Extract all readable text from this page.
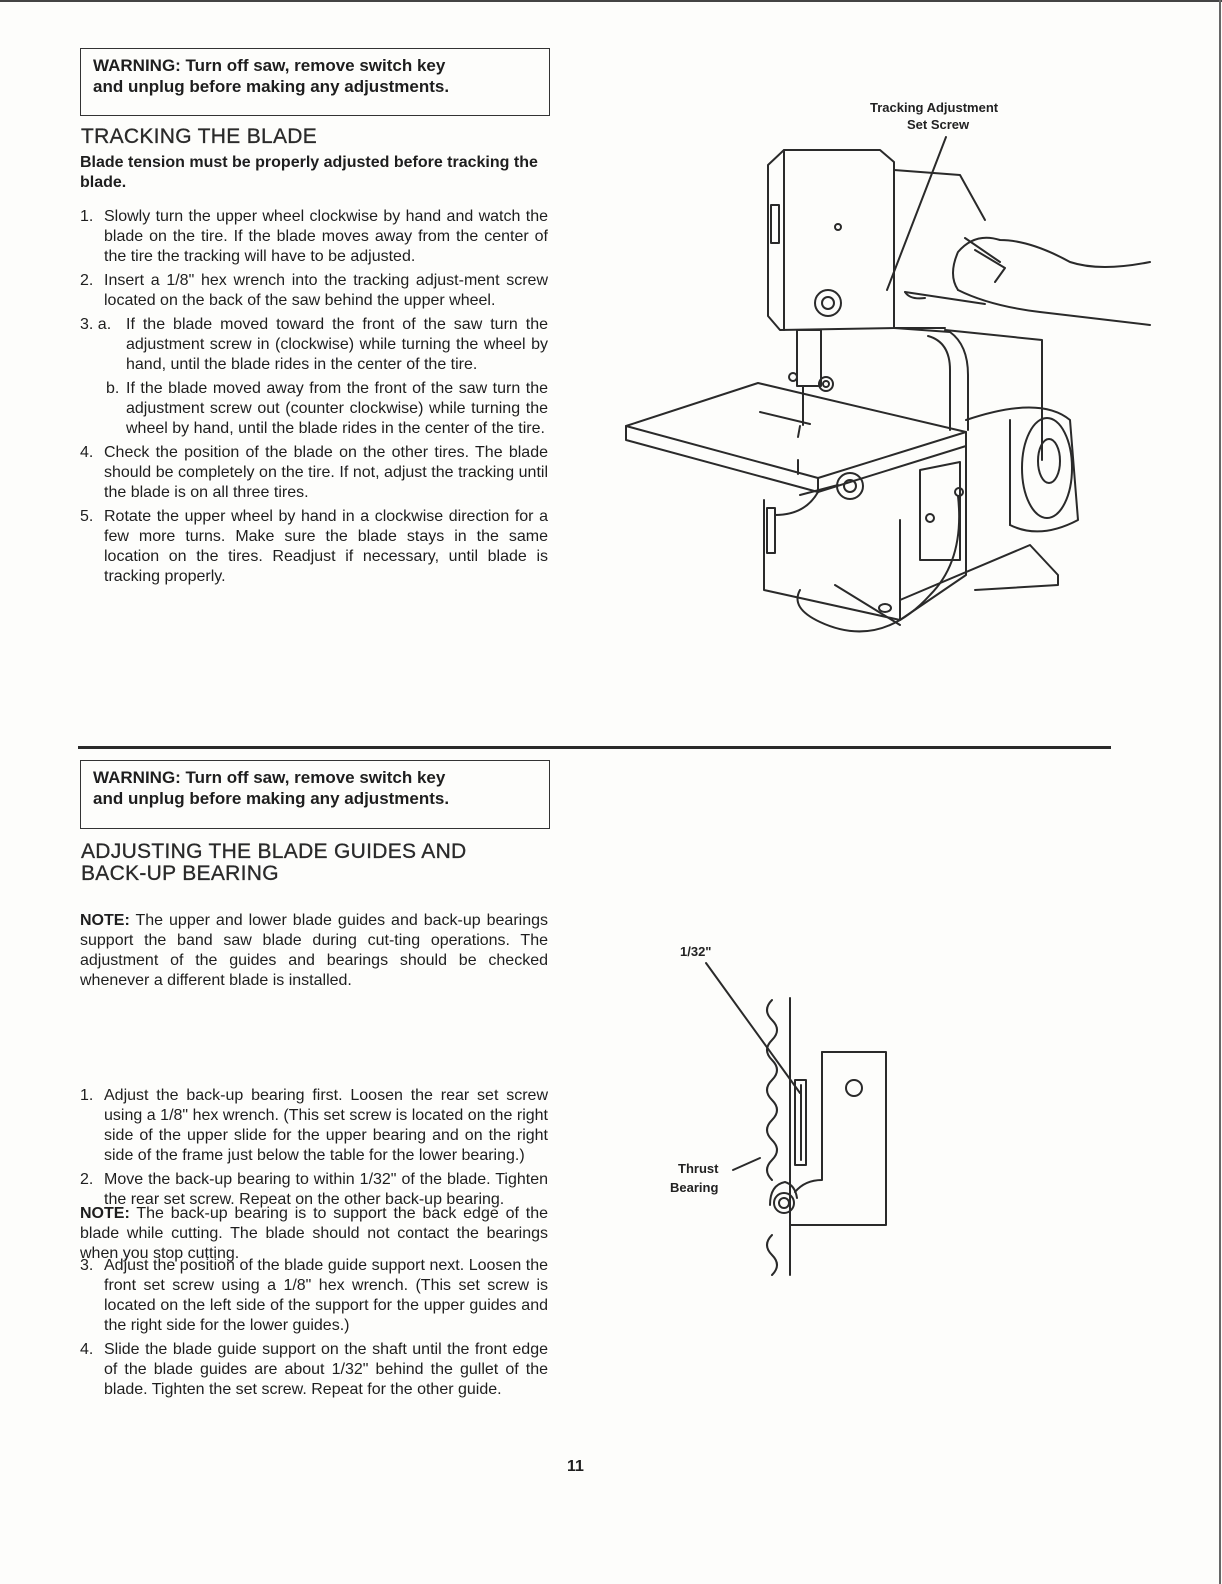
WARNING: Turn off saw, remove switch key
and unplug before making any adjustments.
TRACKING THE BLADE
Blade tension must be properly adjusted before tracking the blade.
1. Slowly turn the upper wheel clockwise by hand and watch the blade on the tire. If the blade moves away from the center of the tire the tracking will have to be adjusted.

2. Insert a 1/8" hex wrench into the tracking adjust-ment screw located on the back of the saw behind the upper wheel.

3. a. If the blade moved toward the front of the saw turn the adjustment screw in (clockwise) while turning the wheel by hand, until the blade rides in the center of the tire.

b. If the blade moved away from the front of the saw turn the adjustment screw out (counter clockwise) while turning the wheel by hand, until the blade rides in the center of the tire.

4. Check the position of the blade on the other tires. The blade should be completely on the tire. If not, adjust the tracking until the blade is on all three tires.

5. Rotate the upper wheel by hand in a clockwise direction for a few more turns. Make sure the blade stays in the same location on the tires. Readjust if necessary, until blade is tracking properly.

Tracking Adjustment
Set Screw
WARNING: Turn off saw, remove switch key
and unplug before making any adjustments.
ADJUSTING THE BLADE GUIDES AND
BACK-UP BEARING

NOTE: The upper and lower blade guides and back-up bearings support the band saw blade during cut-ting operations. The adjustment of the guides and bearings should be checked whenever a different blade is installed.

1. Adjust the back-up bearing first. Loosen the rear set screw using a 1/8" hex wrench. (This set screw is located on the right side of the upper slide for the upper bearing and on the right side of the frame just below the table for the lower bearing.)

2. Move the back-up bearing to within 1/32" of the blade. Tighten the rear set screw. Repeat on the other back-up bearing.

NOTE: The back-up bearing is to support the back edge of the blade while cutting. The blade should not contact the bearings when you stop cutting.

3. Adjust the position of the blade guide support next. Loosen the front set screw using a 1/8" hex wrench. (This set screw is located on the left side of the support for the upper guides and the right side for the lower guides.)

4. Slide the blade guide support on the shaft until the front edge of the blade guides are about 1/32" behind the gullet of the blade. Tighten the set screw. Repeat for the other guide.

1/32"
Thrust
Bearing
11
